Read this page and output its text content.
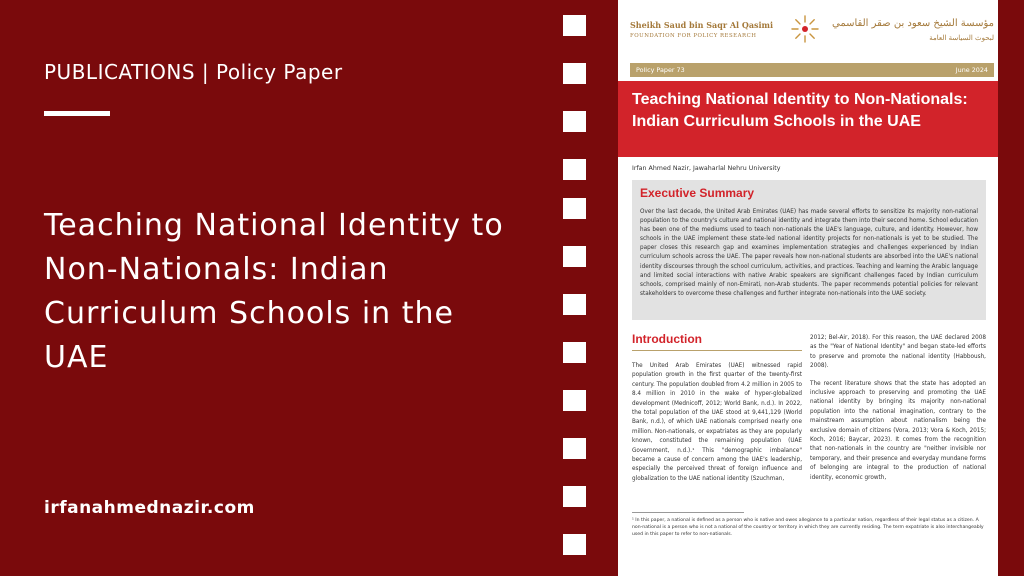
PUBLICATIONS | Policy Paper
Teaching National Identity to Non-Nationals: Indian Curriculum Schools in the UAE
irfanahmednazir.com
Sheikh Saud bin Saqr Al Qasimi
FOUNDATION FOR POLICY RESEARCH
مؤسسة الشيخ سعود بن صقر القاسمي
لبحوث السياسة العامة
Policy Paper 73	June 2024
Teaching National Identity to Non-Nationals: Indian Curriculum Schools in the UAE
Irfan Ahmed Nazir, Jawaharlal Nehru University
Executive Summary
Over the last decade, the United Arab Emirates (UAE) has made several efforts to sensitize its majority non-national population to the country's culture and national identity and integrate them into their second home. School education has been one of the mediums used to teach non-nationals the UAE's language, culture, and identity. However, how schools in the UAE implement these state-led national identity projects for non-nationals is yet to be studied. The paper closes this research gap and examines implementation strategies and challenges experienced by Indian curriculum schools across the UAE. The paper reveals how non-national students are absorbed into the UAE's national identity discourses through the school curriculum, activities, and practices. Teaching and learning the Arabic language and limited social interactions with native Arabic speakers are significant challenges faced by Indian curriculum schools, comprised mainly of non-Emirati, non-Arab students. The paper recommends potential policies for relevant stakeholders to overcome these challenges and further integrate non-nationals into the UAE society.
Introduction

The United Arab Emirates (UAE) witnessed rapid population growth in the first quarter of the twenty-first century. The population doubled from 4.2 million in 2005 to 8.4 million in 2010 in the wake of hyper-globalized development (Mednicoff, 2012; World Bank, n.d.). In 2022, the total population of the UAE stood at 9,441,129 (World Bank, n.d.), of which UAE nationals comprised nearly one million. Non-nationals, or expatriates as they are popularly known, constituted the remaining population (UAE Government, n.d.).¹ This "demographic imbalance" became a cause of concern among the UAE's leadership, especially the perceived threat of foreign influence and globalization to the UAE national identity (Szuchman,

2012; Bel-Air, 2018). For this reason, the UAE declared 2008 as the "Year of National Identity" and began state-led efforts to preserve and promote the national identity (Habboush, 2008).

The recent literature shows that the state has adopted an inclusive approach to preserving and promoting the UAE national identity by bringing its majority non-national population into the national imagination, contrary to the mainstream assumption about nationalism being the exclusive domain of citizens (Vora, 2013; Vora & Koch, 2015; Koch, 2016; Baycar, 2023). It comes from the recognition that non-nationals in the country are "neither invisible nor temporary, and their presence and everyday mundane forms of belonging are integral to the production of national identity, economic growth,

¹ In this paper, a national is defined as a person who is native and owes allegiance to a particular nation, regardless of their legal status as a citizen. A non-national is a person who is not a national of the country or territory in which they are currently residing. The term expatriate is also interchangeably used in this paper to refer to non-nationals.
